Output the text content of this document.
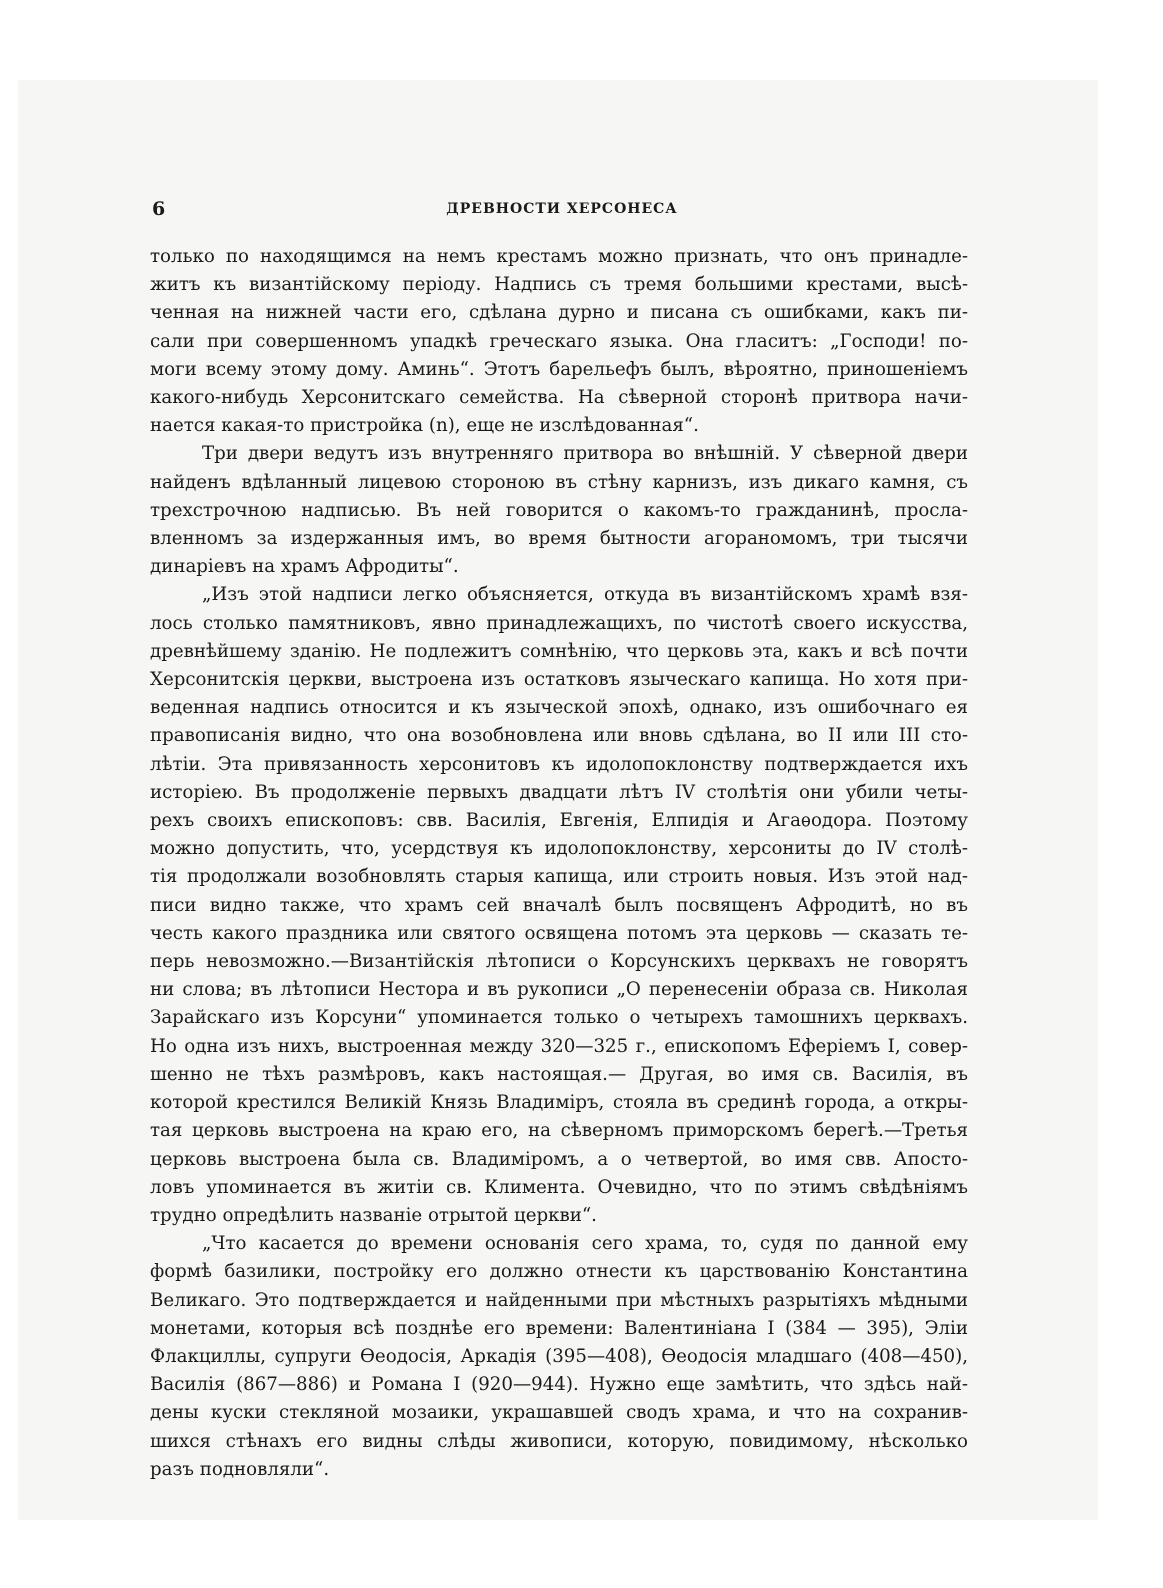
6	ДРЕВНОСТИ ХЕРСОНЕСА
только по находящимся на немъ крестамъ можно признать, что онъ принадле-
житъ къ византійскому періоду. Надпись съ тремя большими крестами, высѣ-
ченная на нижней части его, сдѣлана дурно и писана съ ошибками, какъ пи-
сали при совершенномъ упадкѣ греческаго языка. Она гласитъ: „Господи! по-
моги всему этому дому. Аминь“. Этотъ барельефъ былъ, вѣроятно, приношеніемъ
какого-нибудь Херсонитскаго семейства. На сѣверной сторонѣ притвора начи-
нается какая-то пристройка (n), еще не изслѣдованная“.
Три двери ведутъ изъ внутренняго притвора во внѣшній. У сѣверной двери
найденъ вдѣланный лицевою стороною въ стѣну карнизъ, изъ дикаго камня, съ
трехстрочною надписью. Въ ней говорится о какомъ-то гражданинѣ, просла-
вленномъ за издержанныя имъ, во время бытности агораномомъ, три тысячи
динаріевъ на храмъ Афродиты“.
„Изъ этой надписи легко объясняется, откуда въ византійскомъ храмѣ взя-
лось столько памятниковъ, явно принадлежащихъ, по чистотѣ своего искусства,
древнѣйшему зданію. Не подлежитъ сомнѣнію, что церковь эта, какъ и всѣ почти
Херсонитскія церкви, выстроена изъ остатковъ языческаго капища. Но хотя при-
веденная надпись относится и къ языческой эпохѣ, однако, изъ ошибочнаго ея
правописанія видно, что она возобновлена или вновь сдѣлана, во II или III сто-
лѣтіи. Эта привязанность херсонитовъ къ идолопоклонству подтверждается ихъ
исторіею. Въ продолженіе первыхъ двадцати лѣтъ IV столѣтія они убили четы-
рехъ своихъ епископовъ: свв. Василія, Евгенія, Елпидія и Агаѳодора. Поэтому
можно допустить, что, усердствуя къ идолопоклонству, херсониты до IV столѣ-
тія продолжали возобновлять старыя капища, или строить новыя. Изъ этой над-
писи видно также, что храмъ сей вначалѣ былъ посвященъ Афродитѣ, но въ
честь какого праздника или святого освящена потомъ эта церковь — сказать те-
перь невозможно.—Византійскія лѣтописи о Корсунскихъ церквахъ не говорятъ
ни слова; въ лѣтописи Нестора и въ рукописи „О перенесеніи образа св. Николая
Зарайскаго изъ Корсуни“ упоминается только о четырехъ тамошнихъ церквахъ.
Но одна изъ нихъ, выстроенная между 320—325 г., епископомъ Еферіемъ I, совер-
шенно не тѣхъ размѣровъ, какъ настоящая.— Другая, во имя св. Василія, въ
которой крестился Великій Князь Владиміръ, стояла въ срединѣ города, а откры-
тая церковь выстроена на краю его, на сѣверномъ приморскомъ берегѣ.—Третья
церковь выстроена была св. Владиміромъ, а о четвертой, во имя свв. Апосто-
ловъ упоминается въ житіи св. Климента. Очевидно, что по этимъ свѣдѣніямъ
трудно опредѣлить названіе отрытой церкви“.
„Что касается до времени основанія сего храма, то, судя по данной ему
формѣ базилики, постройку его должно отнести къ царствованію Константина
Великаго. Это подтверждается и найденными при мѣстныхъ разрытіяхъ мѣдными
монетами, которыя всѣ позднѣе его времени: Валентиніана I (384 — 395), Эліи
Флакциллы, супруги Ѳеодосія, Аркадія (395—408), Ѳеодосія младшаго (408—450),
Василія (867—886) и Романа I (920—944). Нужно еще замѣтить, что здѣсь най-
дены куски стекляной мозаики, украшавшей сводъ храма, и что на сохранив-
шихся стѣнахъ его видны слѣды живописи, которую, повидимому, нѣсколько
разъ подновляли“.
